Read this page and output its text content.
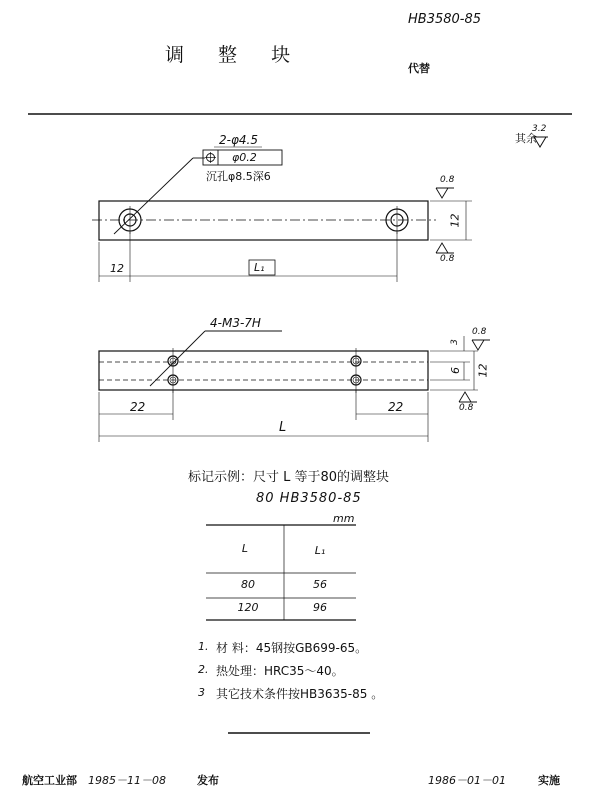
调 整 块
HB3580-85
代替
其余
3.2
2-φ4.5
φ0.2
沉孔φ8.5深6	0.8
0.8
12
12	L₁
4-M3-7H
3
0.8
0.8
6 12
22	22
L
标记示例：尺寸 L 等于80的调整块
80 HB3580-85
mm
L	L₁
80	56
120	96
1. 材 料：45钢按GB699-65。
2. 热处理：HRC35～40。
3 其它技术条件按HB3635-85 。
航空工业部 1985－11－08	发布	1986－01－01	实施
